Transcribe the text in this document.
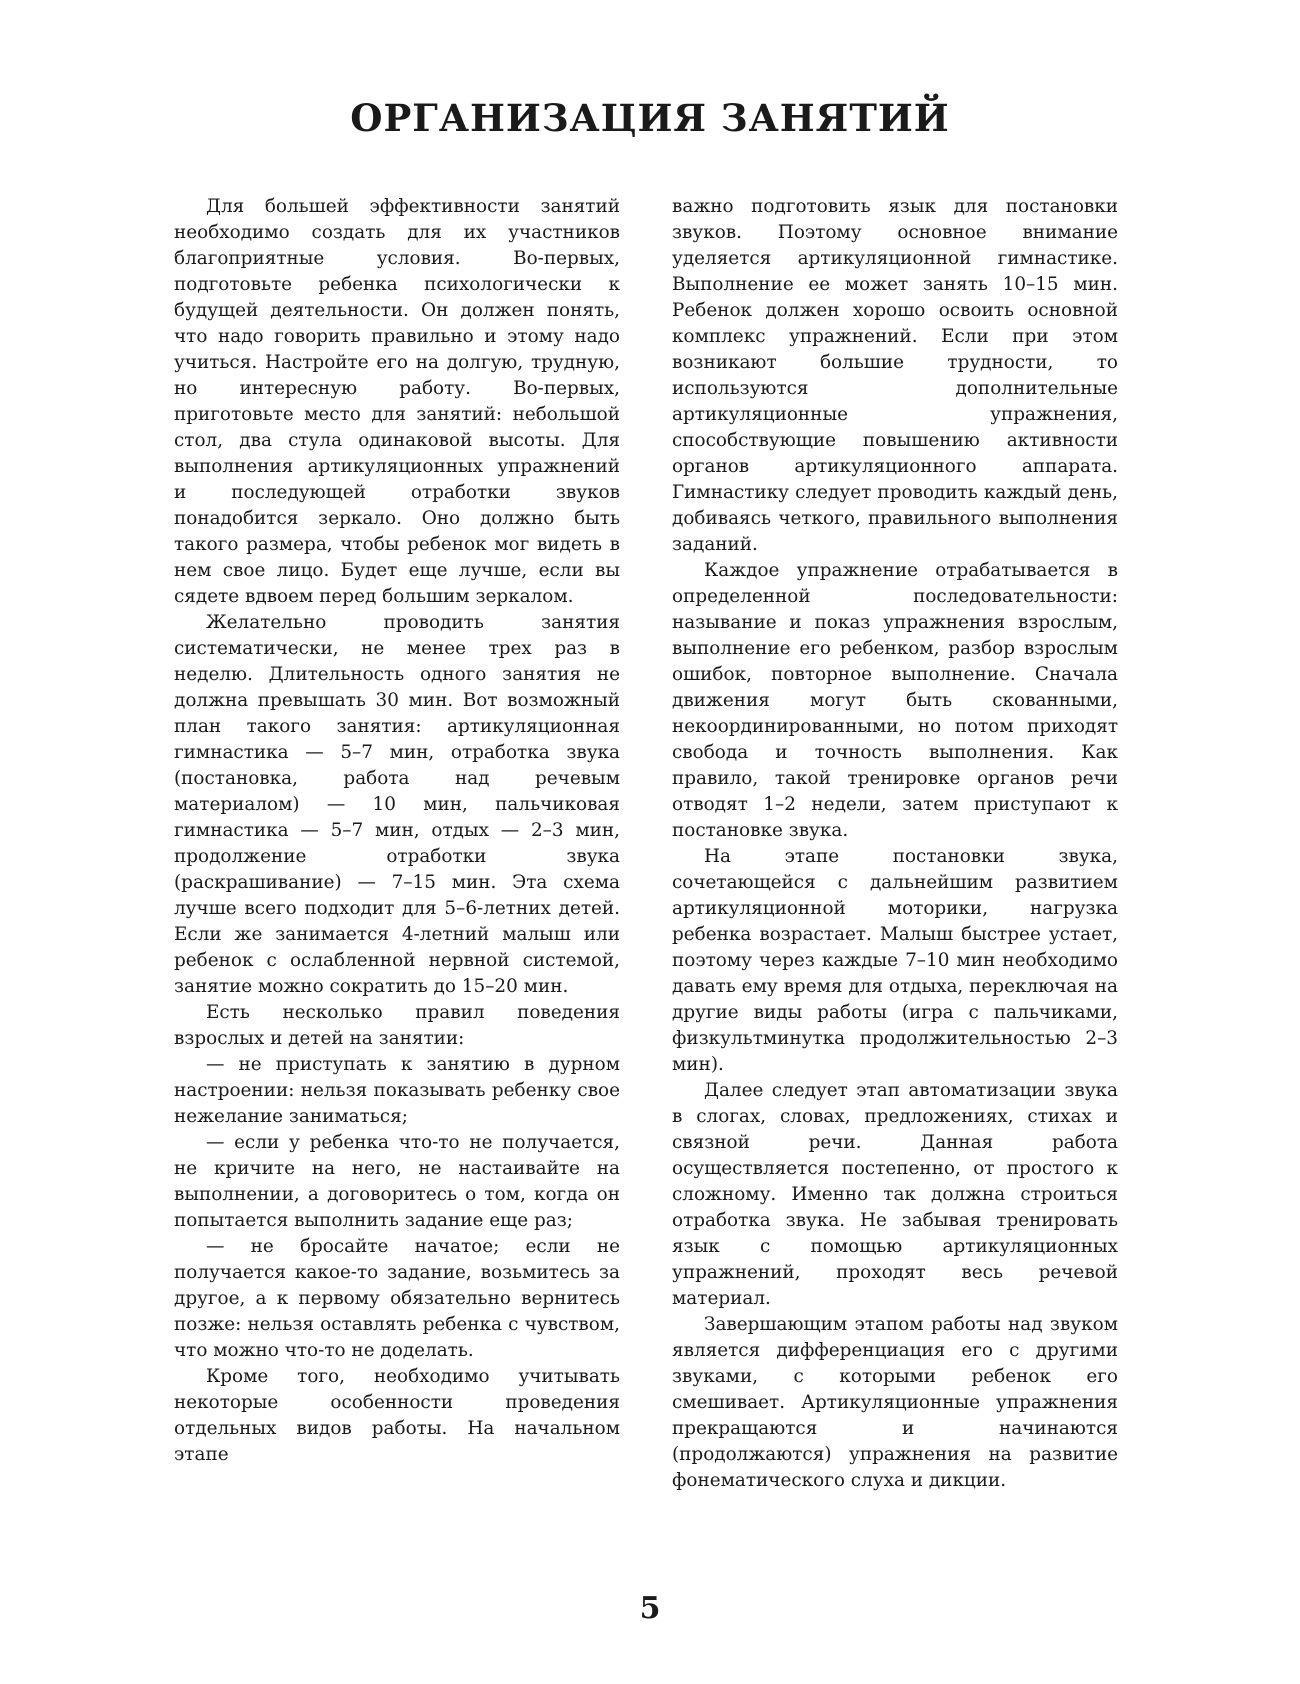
ОРГАНИЗАЦИЯ ЗАНЯТИЙ

Для большей эффективности занятий необходимо создать для их участников благоприятные условия. Во-первых, подготовьте ребенка психологически к будущей деятельности. Он должен понять, что надо говорить правильно и этому надо учиться. Настройте его на долгую, трудную, но интересную работу. Во-первых, приготовьте место для занятий: небольшой стол, два стула одинаковой высоты. Для выполнения артикуляционных упражнений и последующей отработки звуков понадобится зеркало. Оно должно быть такого размера, чтобы ребенок мог видеть в нем свое лицо. Будет еще лучше, если вы сядете вдвоем перед большим зеркалом.

Желательно проводить занятия систематически, не менее трех раз в неделю. Длительность одного занятия не должна превышать 30 мин. Вот возможный план такого занятия: артикуляционная гимнастика — 5–7 мин, отработка звука (постановка, работа над речевым материалом) — 10 мин, пальчиковая гимнастика — 5–7 мин, отдых — 2–3 мин, продолжение отработки звука (раскрашивание) — 7–15 мин. Эта схема лучше всего подходит для 5–6-летних детей. Если же занимается 4-летний малыш или ребенок с ослабленной нервной системой, занятие можно сократить до 15–20 мин.

Есть несколько правил поведения взрослых и детей на занятии:

— не приступать к занятию в дурном настроении: нельзя показывать ребенку свое нежелание заниматься;

— если у ребенка что-то не получается, не кричите на него, не настаивайте на выполнении, а договоритесь о том, когда он попытается выполнить задание еще раз;

— не бросайте начатое; если не получается какое-то задание, возьмитесь за другое, а к первому обязательно вернитесь позже: нельзя оставлять ребенка с чувством, что можно что-то не доделать.

Кроме того, необходимо учитывать некоторые особенности проведения отдельных видов работы. На начальном этапе

важно подготовить язык для постановки звуков. Поэтому основное внимание уделяется артикуляционной гимнастике. Выполнение ее может занять 10–15 мин. Ребенок должен хорошо освоить основной комплекс упражнений. Если при этом возникают большие трудности, то используются дополнительные артикуляционные упражнения, способствующие повышению активности органов артикуляционного аппарата. Гимнастику следует проводить каждый день, добиваясь четкого, правильного выполнения заданий.

Каждое упражнение отрабатывается в определенной последовательности: называние и показ упражнения взрослым, выполнение его ребенком, разбор взрослым ошибок, повторное выполнение. Сначала движения могут быть скованными, некоординированными, но потом приходят свобода и точность выполнения. Как правило, такой тренировке органов речи отводят 1–2 недели, затем приступают к постановке звука.

На этапе постановки звука, сочетающейся с дальнейшим развитием артикуляционной моторики, нагрузка ребенка возрастает. Малыш быстрее устает, поэтому через каждые 7–10 мин необходимо давать ему время для отдыха, переключая на другие виды работы (игра с пальчиками, физкультминутка продолжительностью 2–3 мин).

Далее следует этап автоматизации звука в слогах, словах, предложениях, стихах и связной речи. Данная работа осуществляется постепенно, от простого к сложному. Именно так должна строиться отработка звука. Не забывая тренировать язык с помощью артикуляционных упражнений, проходят весь речевой материал.

Завершающим этапом работы над звуком является дифференциация его с другими звуками, с которыми ребенок его смешивает. Артикуляционные упражнения прекращаются и начинаются (продолжаются) упражнения на развитие фонематического слуха и дикции.

5
